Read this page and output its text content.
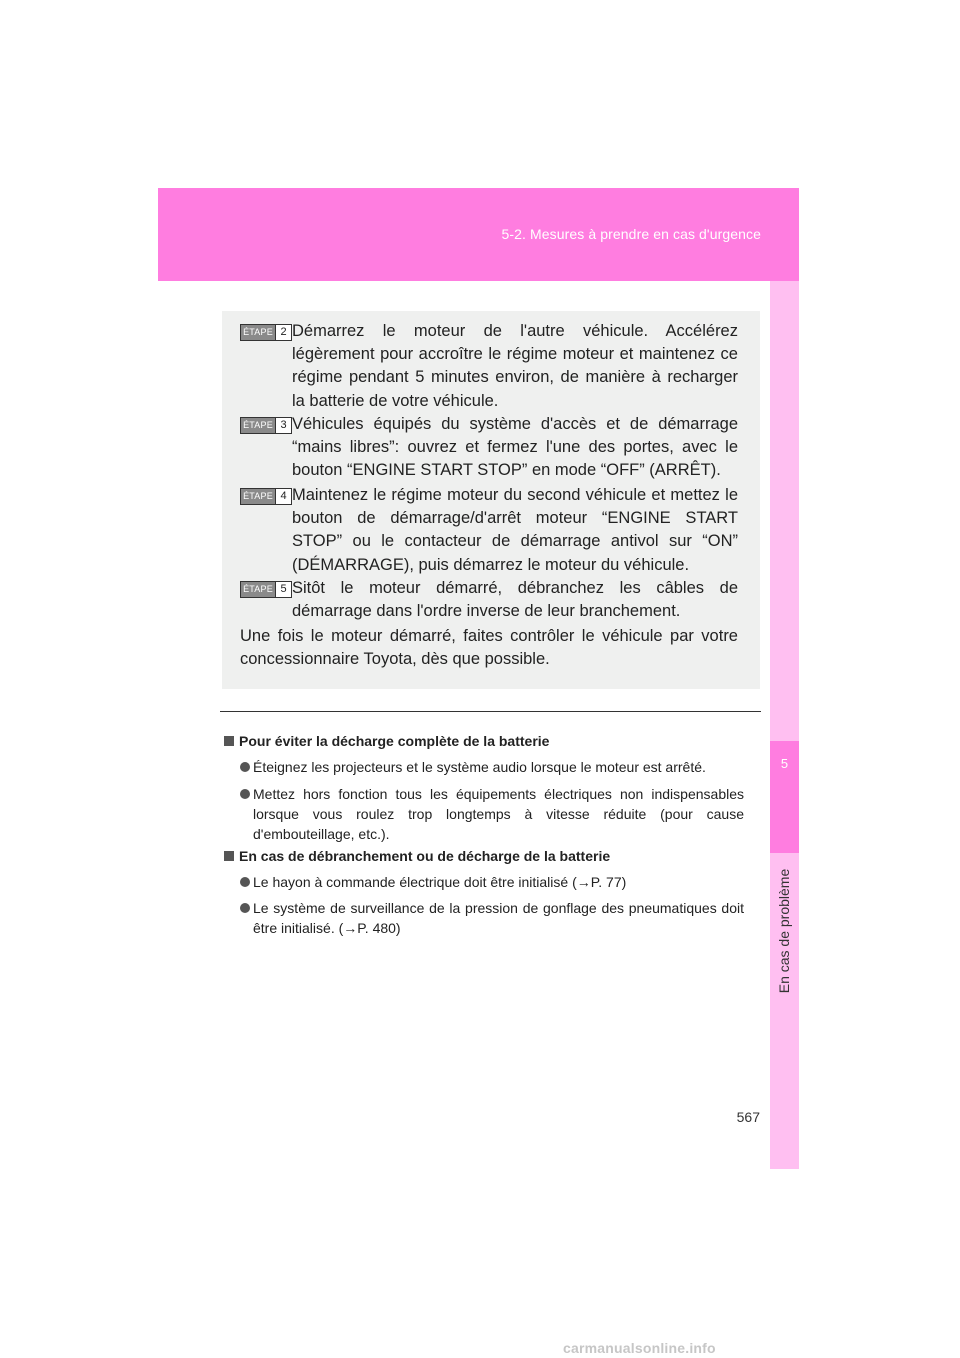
5-2. Mesures à prendre en cas d'urgence
5
En cas de problème
ÉTAPE 2 Démarrez le moteur de l'autre véhicule. Accélérez légèrement pour accroître le régime moteur et maintenez ce régime pendant 5 minutes environ, de manière à recharger la batterie de votre véhicule.
ÉTAPE 3 Véhicules équipés du système d'accès et de démarrage “mains libres”: ouvrez et fermez l'une des portes, avec le bouton “ENGINE START STOP” en mode “OFF” (ARRÊT).
ÉTAPE 4 Maintenez le régime moteur du second véhicule et mettez le bouton de démarrage/d'arrêt moteur “ENGINE START STOP” ou le contacteur de démarrage antivol sur “ON” (DÉMARRAGE), puis démarrez le moteur du véhicule.
ÉTAPE 5 Sitôt le moteur démarré, débranchez les câbles de démarrage dans l'ordre inverse de leur branchement.
Une fois le moteur démarré, faites contrôler le véhicule par votre concessionnaire Toyota, dès que possible.
Pour éviter la décharge complète de la batterie
Éteignez les projecteurs et le système audio lorsque le moteur est arrêté.
Mettez hors fonction tous les équipements électriques non indispensables lorsque vous roulez trop longtemps à vitesse réduite (pour cause d'embouteillage, etc.).
En cas de débranchement ou de décharge de la batterie
Le hayon à commande électrique doit être initialisé (→P. 77)
Le système de surveillance de la pression de gonflage des pneumatiques doit être initialisé. (→P. 480)
567
carmanualsonline.info
